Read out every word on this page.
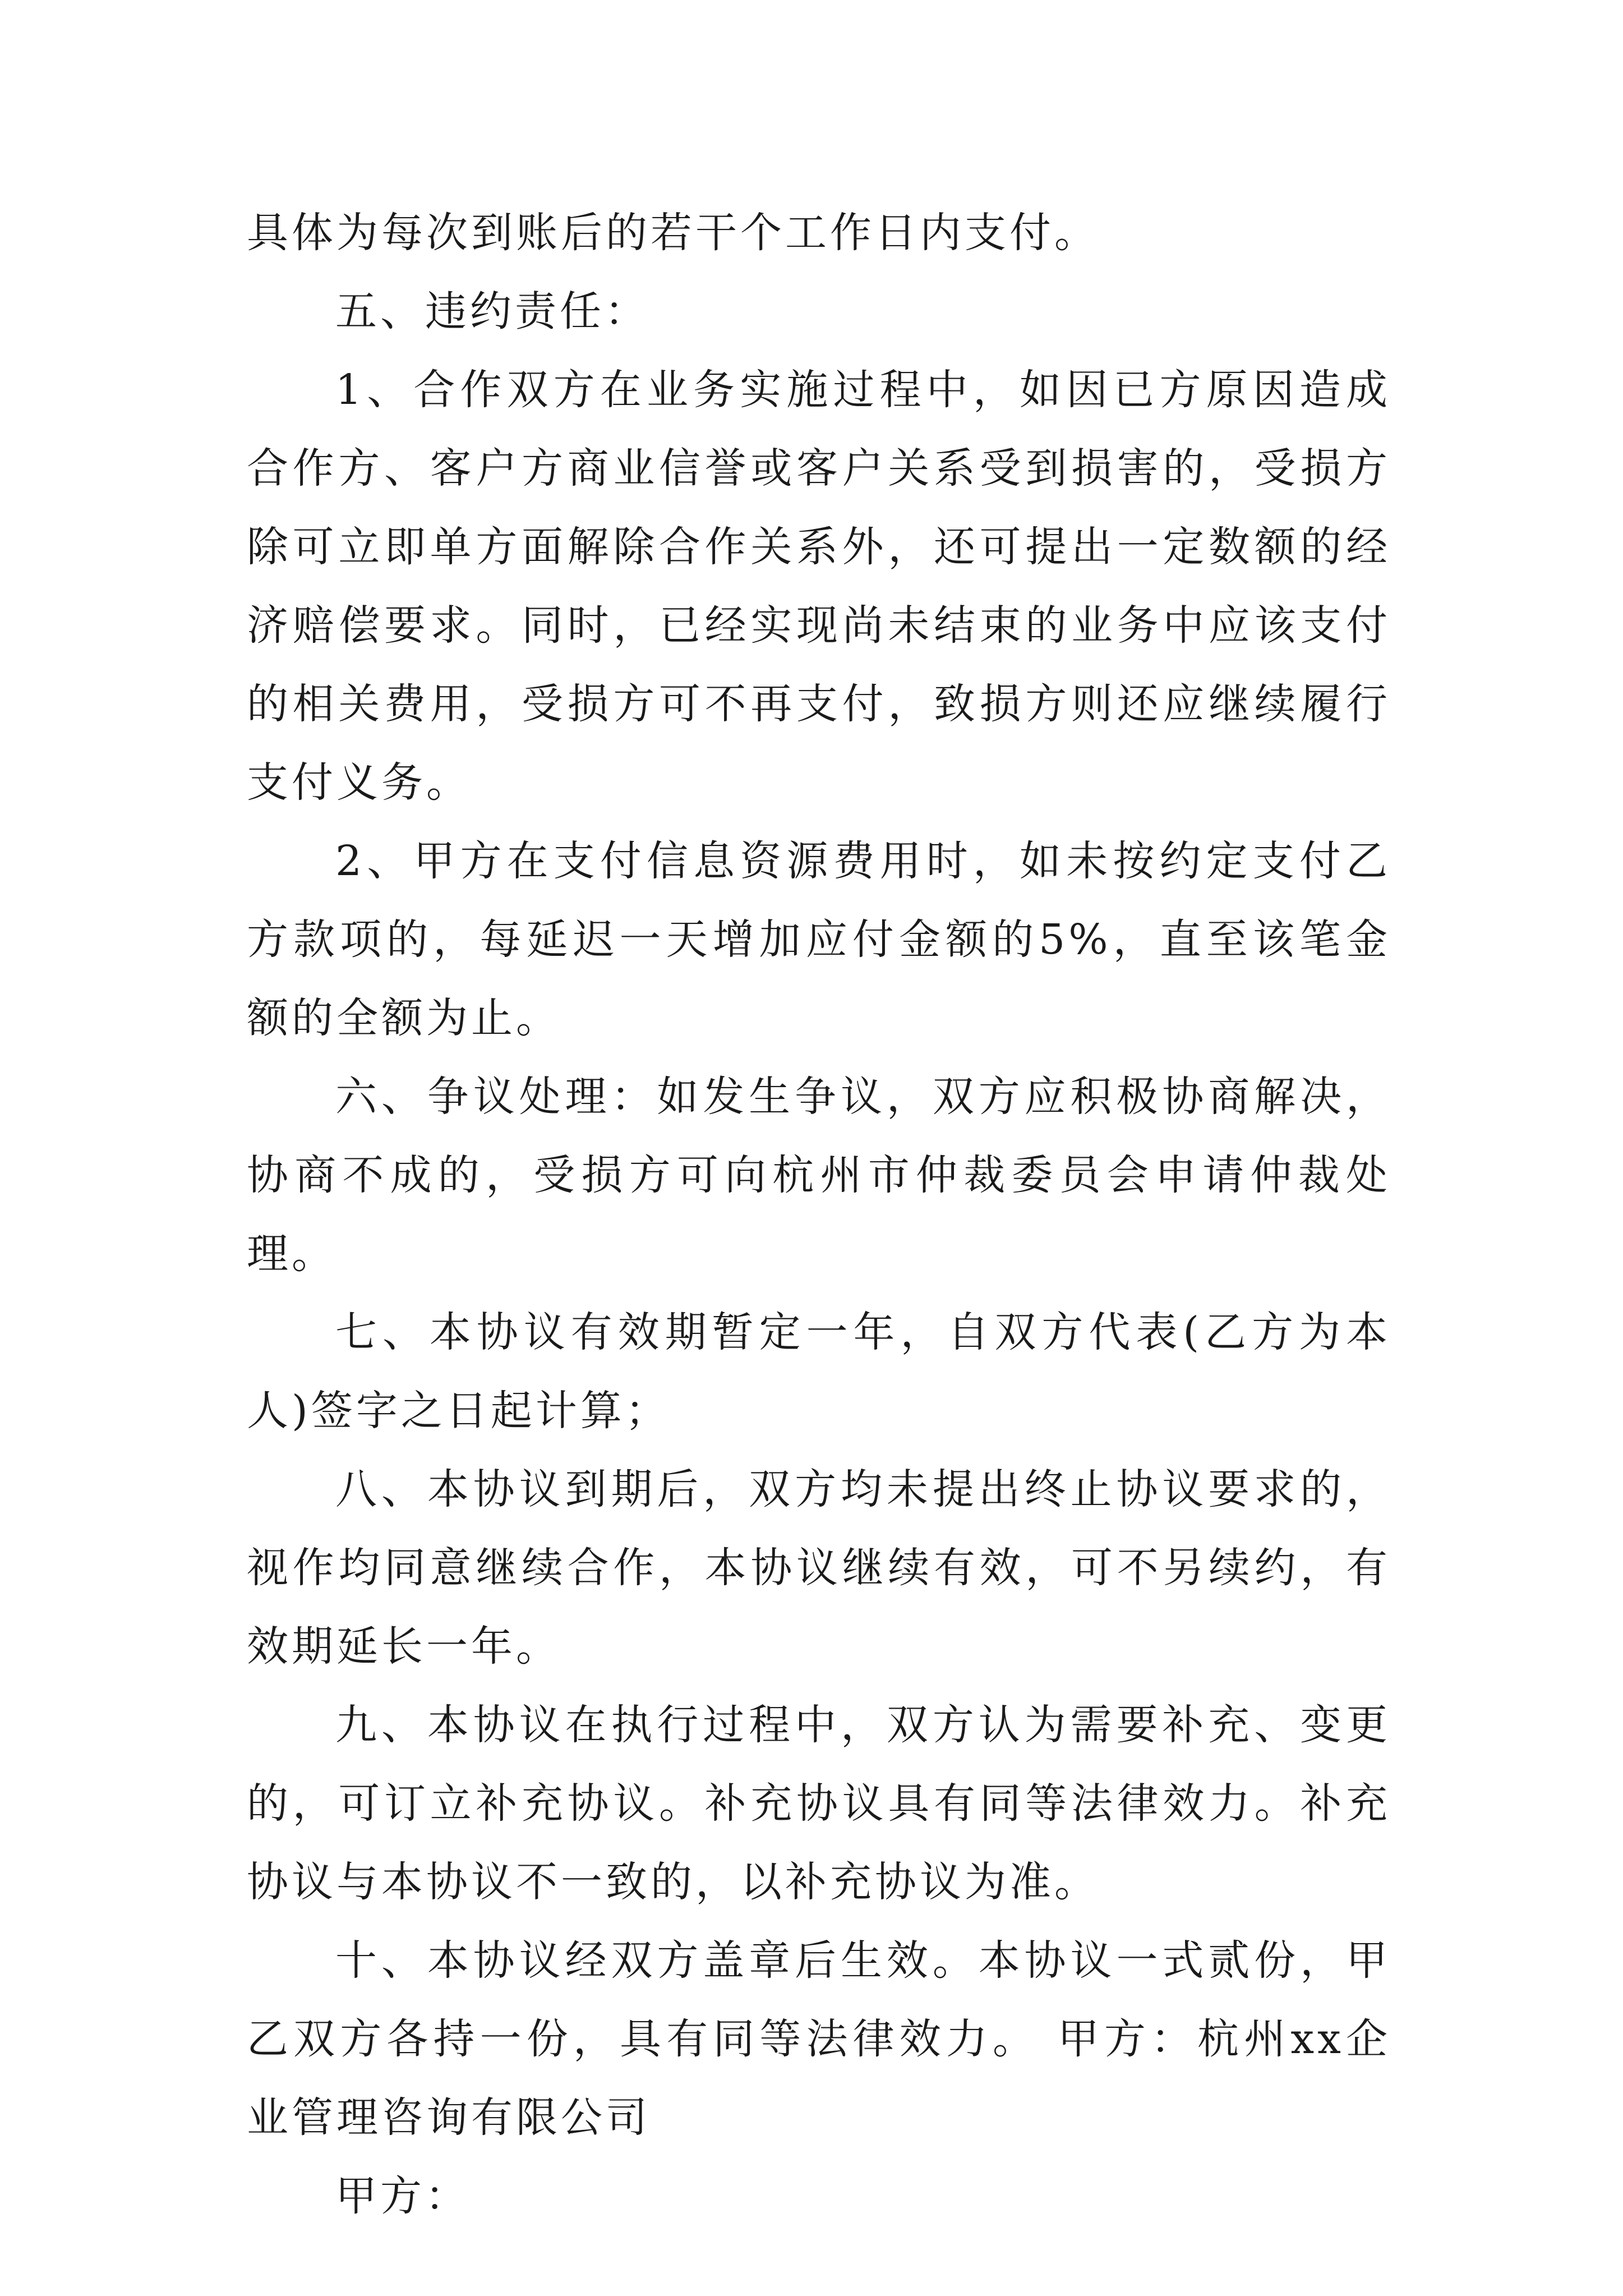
具体为每次到账后的若干个工作日内支付。

五、违约责任：

1、合作双方在业务实施过程中，如因已方原因造成合作方、客户方商业信誉或客户关系受到损害的，受损方除可立即单方面解除合作关系外，还可提出一定数额的经济赔偿要求。同时，已经实现尚未结束的业务中应该支付的相关费用，受损方可不再支付，致损方则还应继续履行支付义务。

2、甲方在支付信息资源费用时，如未按约定支付乙方款项的，每延迟一天增加应付金额的5%，直至该笔金额的全额为止。

六、争议处理：如发生争议，双方应积极协商解决，协商不成的，受损方可向杭州市仲裁委员会申请仲裁处理。

七、本协议有效期暂定一年，自双方代表(乙方为本人)签字之日起计算；

八、本协议到期后，双方均未提出终止协议要求的，视作均同意继续合作，本协议继续有效，可不另续约，有效期延长一年。

九、本协议在执行过程中，双方认为需要补充、变更的，可订立补充协议。补充协议具有同等法律效力。补充协议与本协议不一致的，以补充协议为准。

十、本协议经双方盖章后生效。本协议一式贰份，甲乙双方各持一份，具有同等法律效力。 甲方：杭州xx企业管理咨询有限公司

甲方：
